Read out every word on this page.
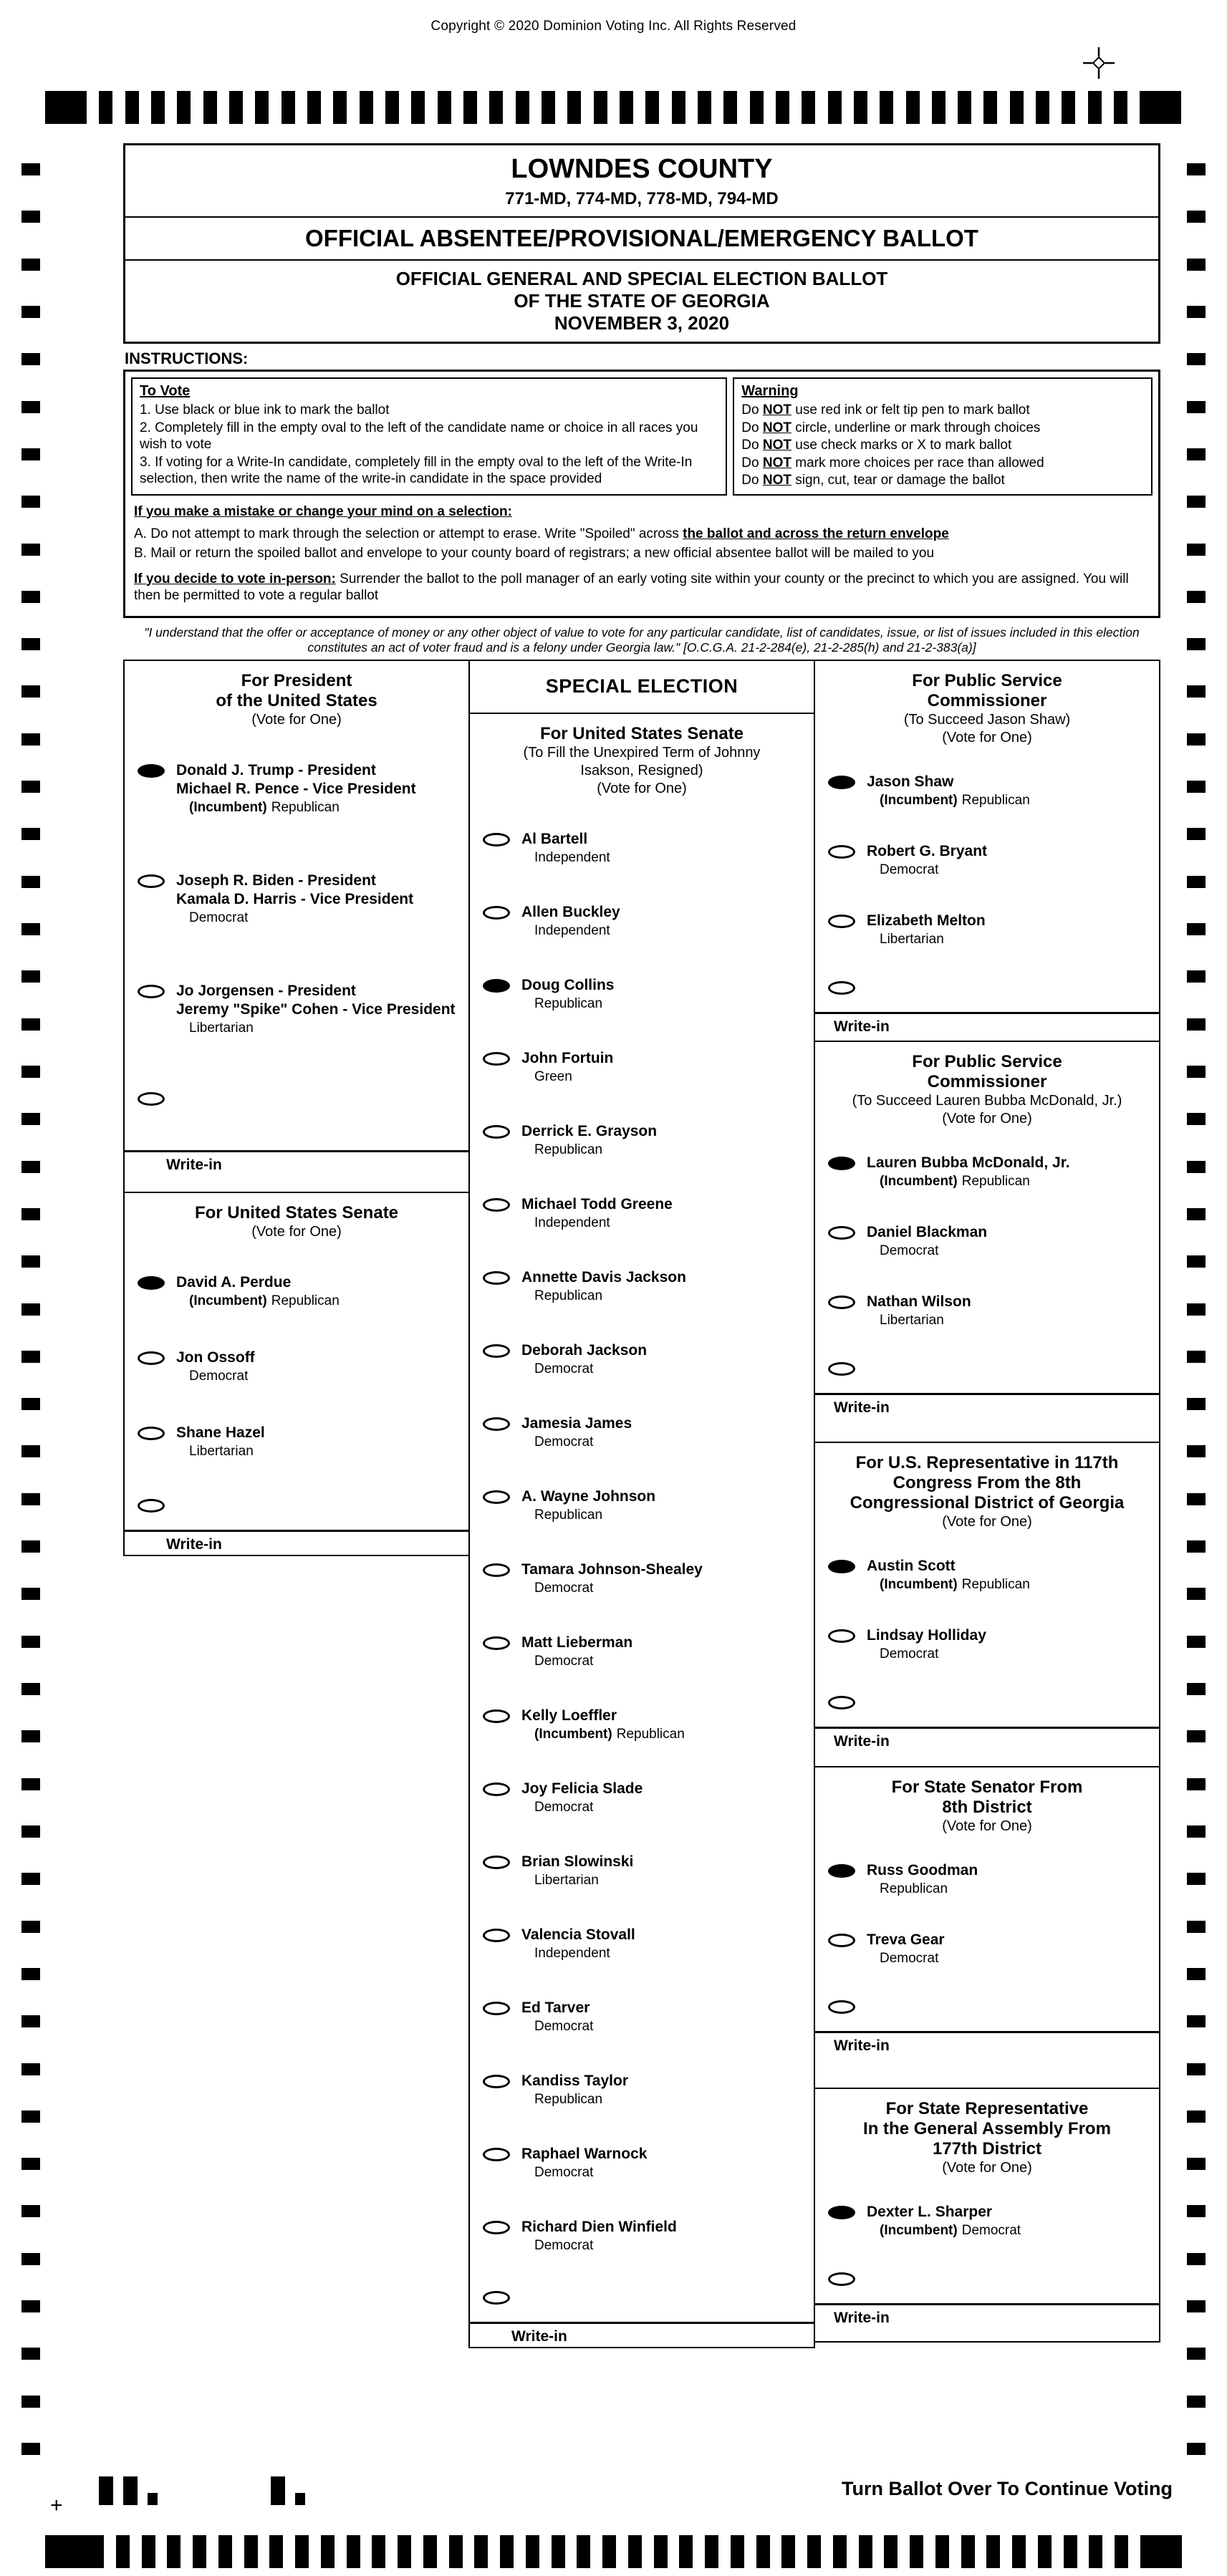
Copyright © 2020 Dominion Voting Inc. All Rights Reserved
LOWNDES COUNTY
771-MD, 774-MD, 778-MD, 794-MD
OFFICIAL ABSENTEE/PROVISIONAL/EMERGENCY BALLOT
OFFICIAL GENERAL AND SPECIAL ELECTION BALLOT
OF THE STATE OF GEORGIA
NOVEMBER 3, 2020
INSTRUCTIONS:
To Vote
1. Use black or blue ink to mark the ballot
2. Completely fill in the empty oval to the left of the candidate name or choice in all races you wish to vote
3. If voting for a Write-In candidate, completely fill in the empty oval to the left of the Write-In selection, then write the name of the write-in candidate in the space provided
Warning
Do NOT use red ink or felt tip pen to mark ballot
Do NOT circle, underline or mark through choices
Do NOT use check marks or X to mark ballot
Do NOT mark more choices per race than allowed
Do NOT sign, cut, tear or damage the ballot
If you make a mistake or change your mind on a selection:
A. Do not attempt to mark through the selection or attempt to erase. Write "Spoiled" across the ballot and across the return envelope
B. Mail or return the spoiled ballot and envelope to your county board of registrars; a new official absentee ballot will be mailed to you
If you decide to vote in-person: Surrender the ballot to the poll manager of an early voting site within your county or the precinct to which you are assigned. You will then be permitted to vote a regular ballot
"I understand that the offer or acceptance of money or any other object of value to vote for any particular candidate, list of candidates, issue, or list of issues included in this election constitutes an act of voter fraud and is a felony under Georgia law." [O.C.G.A. 21-2-284(e), 21-2-285(h) and 21-2-383(a)]
For President
of the United States
(Vote for One)
Donald J. Trump - President
Michael R. Pence - Vice President
(Incumbent) Republican
Joseph R. Biden - President
Kamala D. Harris - Vice President
Democrat
Jo Jorgensen - President
Jeremy "Spike" Cohen - Vice President
Libertarian
Write-in
For United States Senate
(Vote for One)
David A. Perdue
(Incumbent) Republican
Jon Ossoff
Democrat
Shane Hazel
Libertarian
Write-in
SPECIAL ELECTION
For United States Senate
(To Fill the Unexpired Term of Johnny
Isakson, Resigned)
(Vote for One)
Al Bartell
Independent
Allen Buckley
Independent
Doug Collins
Republican
John Fortuin
Green
Derrick E. Grayson
Republican
Michael Todd Greene
Independent
Annette Davis Jackson
Republican
Deborah Jackson
Democrat
Jamesia James
Democrat
A. Wayne Johnson
Republican
Tamara Johnson-Shealey
Democrat
Matt Lieberman
Democrat
Kelly Loeffler
(Incumbent) Republican
Joy Felicia Slade
Democrat
Brian Slowinski
Libertarian
Valencia Stovall
Independent
Ed Tarver
Democrat
Kandiss Taylor
Republican
Raphael Warnock
Democrat
Richard Dien Winfield
Democrat
Write-in
For Public Service
Commissioner
(To Succeed Jason Shaw)
(Vote for One)
Jason Shaw
(Incumbent) Republican
Robert G. Bryant
Democrat
Elizabeth Melton
Libertarian
Write-in
For Public Service
Commissioner
(To Succeed Lauren Bubba McDonald, Jr.)
(Vote for One)
Lauren Bubba McDonald, Jr.
(Incumbent) Republican
Daniel Blackman
Democrat
Nathan Wilson
Libertarian
Write-in
For U.S. Representative in 117th
Congress From the 8th
Congressional District of Georgia
(Vote for One)
Austin Scott
(Incumbent) Republican
Lindsay Holliday
Democrat
Write-in
For State Senator From
8th District
(Vote for One)
Russ Goodman
Republican
Treva Gear
Democrat
Write-in
For State Representative
In the General Assembly From
177th District
(Vote for One)
Dexter L. Sharper
(Incumbent) Democrat
Write-in
+
Turn Ballot Over To Continue Voting
